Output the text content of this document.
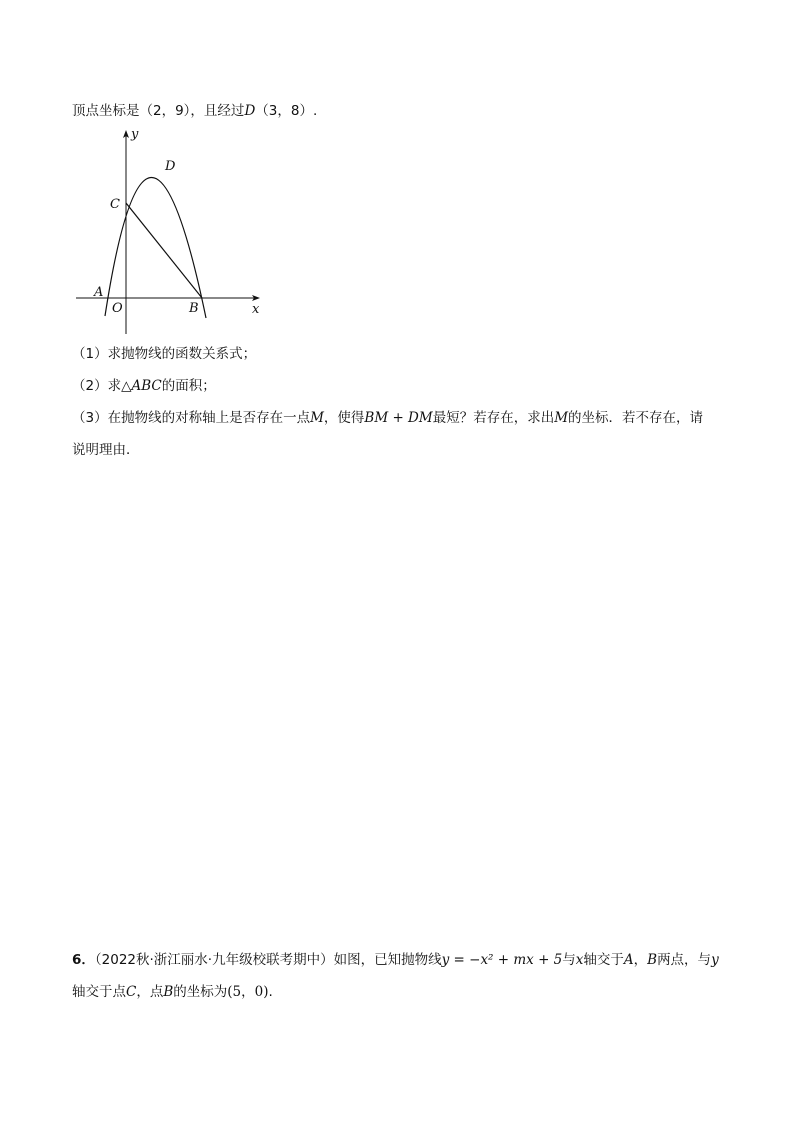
顶点坐标是（2，9），且经过D（3，8）.
y
D
C
A
O	B	x
（1）求抛物线的函数关系式；
（2）求△ABC的面积；
（3）在抛物线的对称轴上是否存在一点M，使得BM + DM最短？若存在，求出M的坐标．若不存在，请
说明理由．
6．（2022秋·浙江丽水·九年级校联考期中）如图，已知抛物线y = −x² + mx + 5与x轴交于A，B两点，与y
轴交于点C，点B的坐标为(5，0).
